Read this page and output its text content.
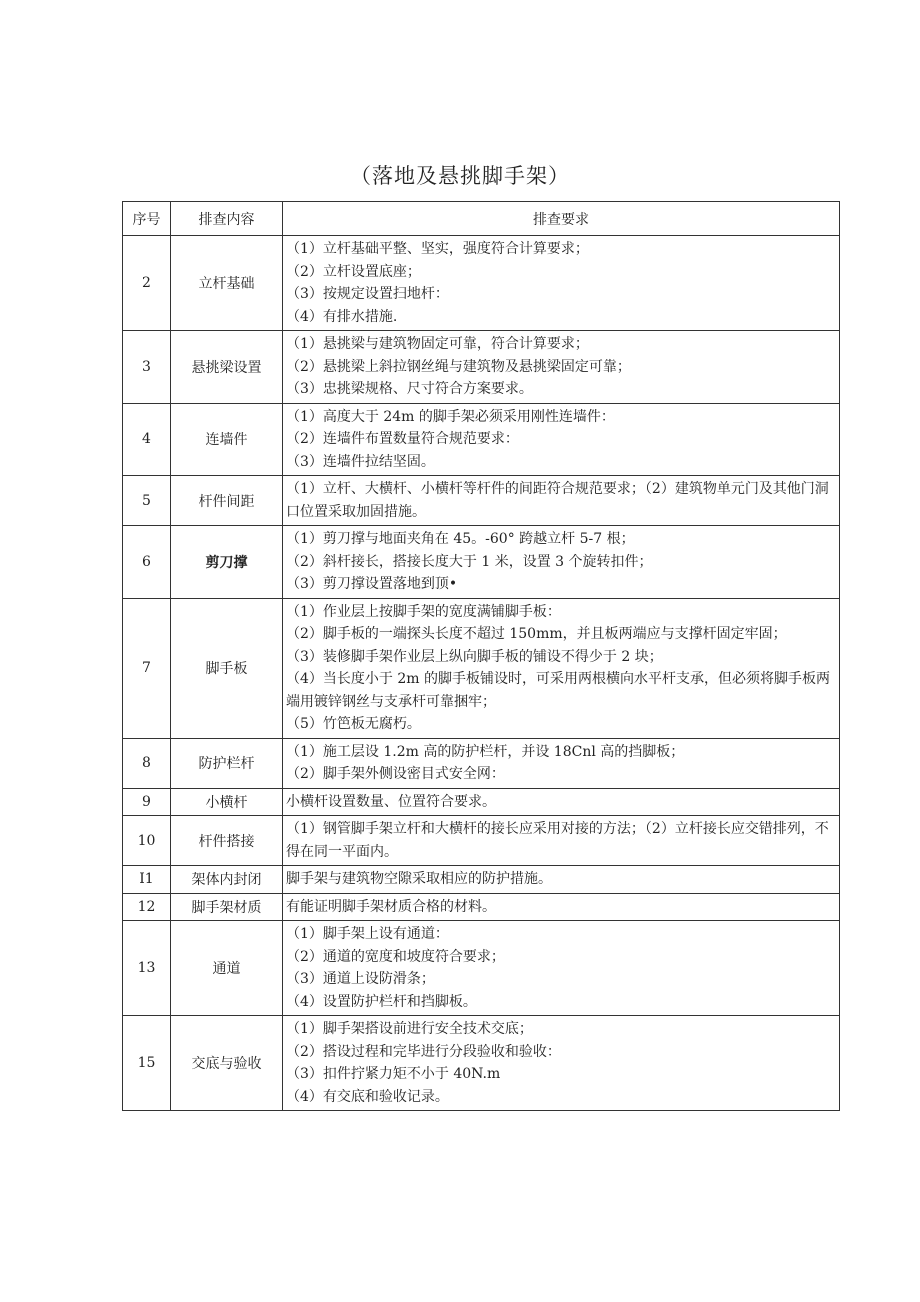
（落地及悬挑脚手架）
序号	排查内容	排查要求
2	立杆基础	（1）立杆基础平整、坚实，强度符合计算要求；
（2）立杆设置底座；
（3）按规定设置扫地杆：
（4）有排水措施.

3	悬挑梁设置	（1）悬挑梁与建筑物固定可靠，符合计算要求；
（2）悬挑梁上斜拉钢丝绳与建筑物及悬挑梁固定可靠；
（3）忠挑梁规格、尺寸符合方案要求。

4	连墙件	（1）高度大于 24m 的脚手架必须采用刚性连墙件：
（2）连墙件布置数量符合规范要求：
（3）连墙件拉结坚固。

5	杆件间距	（1）立杆、大横杆、小横杆等杆件的间距符合规范要求；（2）建筑物单元门及其他门洞口位置采取加固措施。

6	剪刀撑	（1）剪刀撑与地面夹角在 45。-60° 跨越立杆 5-7 根；
（2）斜杆接长，搭接长度大于 1 米，设置 3 个旋转扣件；
（3）剪刀撑设置落地到顶•

7	脚手板	（1）作业层上按脚手架的宽度满铺脚手板：
（2）脚手板的一端探头长度不超过 150mm，并且板两端应与支撑杆固定牢固；
（3）装修脚手架作业层上纵向脚手板的铺设不得少于 2 块；
（4）当长度小于 2m 的脚手板铺设时，可采用两根横向水平杆支承，但必须将脚手板两端用镀锌钢丝与支承杆可靠捆牢；
（5）竹笆板无腐朽。

8	防护栏杆	（1）施工层设 1.2m 高的防护栏杆，并设 18Cnl 高的挡脚板；
（2）脚手架外侧设密目式安全网：

9	小横杆	小横杆设置数量、位置符合要求。

10	杆件搭接	（1）钢管脚手架立杆和大横杆的接长应采用对接的方法；（2）立杆接长应交错排列，不得在同一平面内。

I1	架体内封闭	脚手架与建筑物空隙采取相应的防护措施。

12	脚手架材质	有能证明脚手架材质合格的材料。

13	通道	（1）脚手架上设有通道：
（2）通道的宽度和坡度符合要求；
（3）通道上设防滑条；
（4）设置防护栏杆和挡脚板。

15	交底与验收	（1）脚手架搭设前进行安全技术交底；
（2）搭设过程和完毕进行分段验收和验收：
（3）扣件拧紧力矩不小于 40N.m
（4）有交底和验收记录。
